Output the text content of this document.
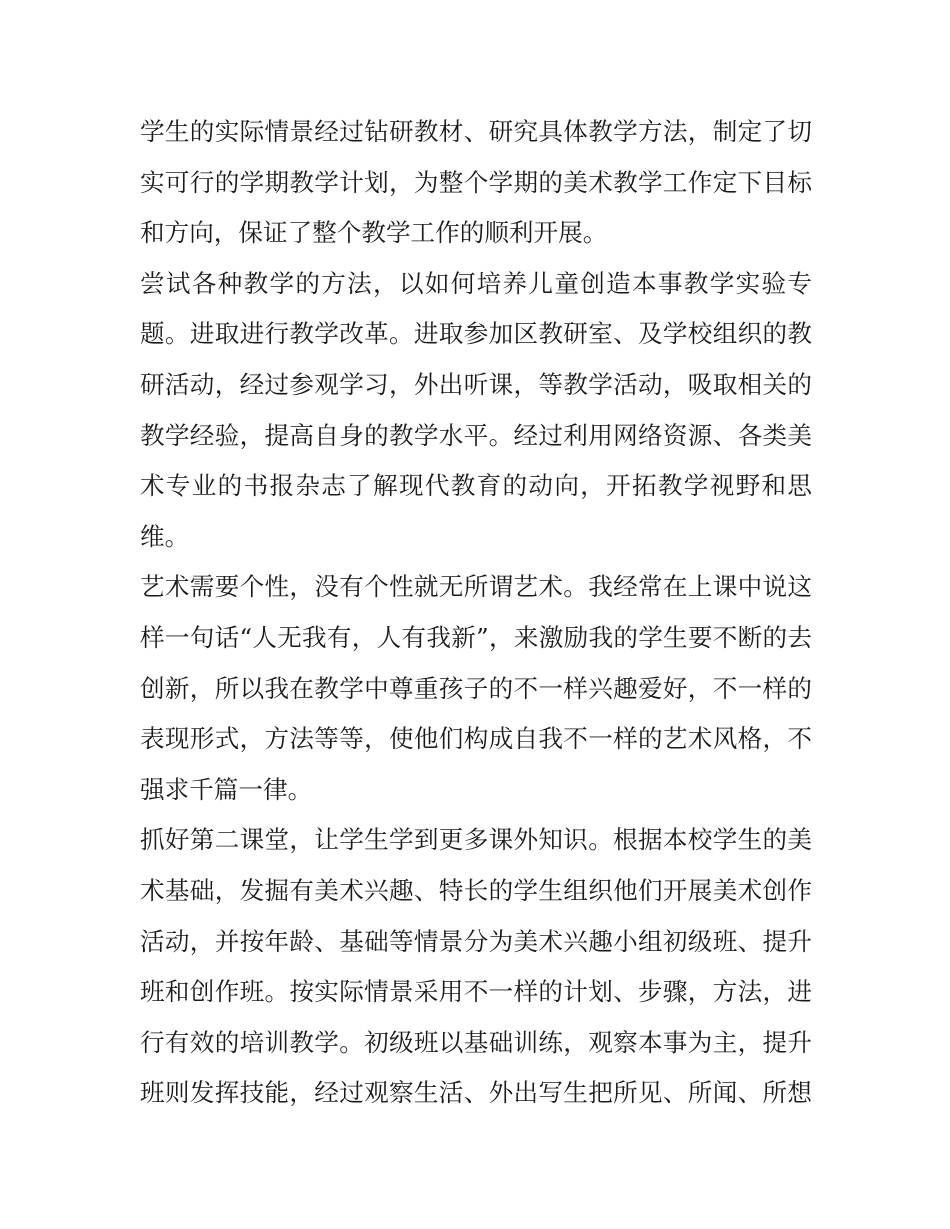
学生的实际情景经过钻研教材、研究具体教学方法，制定了切
实可行的学期教学计划，为整个学期的美术教学工作定下目标
和方向，保证了整个教学工作的顺利开展。
尝试各种教学的方法，以如何培养儿童创造本事教学实验专
题。进取进行教学改革。进取参加区教研室、及学校组织的教
研活动，经过参观学习，外出听课，等教学活动，吸取相关的
教学经验，提高自身的教学水平。经过利用网络资源、各类美
术专业的书报杂志了解现代教育的动向，开拓教学视野和思
维。
艺术需要个性，没有个性就无所谓艺术。我经常在上课中说这
样一句话“人无我有，人有我新”，来激励我的学生要不断的去
创新，所以我在教学中尊重孩子的不一样兴趣爱好，不一样的
表现形式，方法等等，使他们构成自我不一样的艺术风格，不
强求千篇一律。
抓好第二课堂，让学生学到更多课外知识。根据本校学生的美
术基础，发掘有美术兴趣、特长的学生组织他们开展美术创作
活动，并按年龄、基础等情景分为美术兴趣小组初级班、提升
班和创作班。按实际情景采用不一样的计划、步骤，方法，进
行有效的培训教学。初级班以基础训练，观察本事为主，提升
班则发挥技能，经过观察生活、外出写生把所见、所闻、所想
